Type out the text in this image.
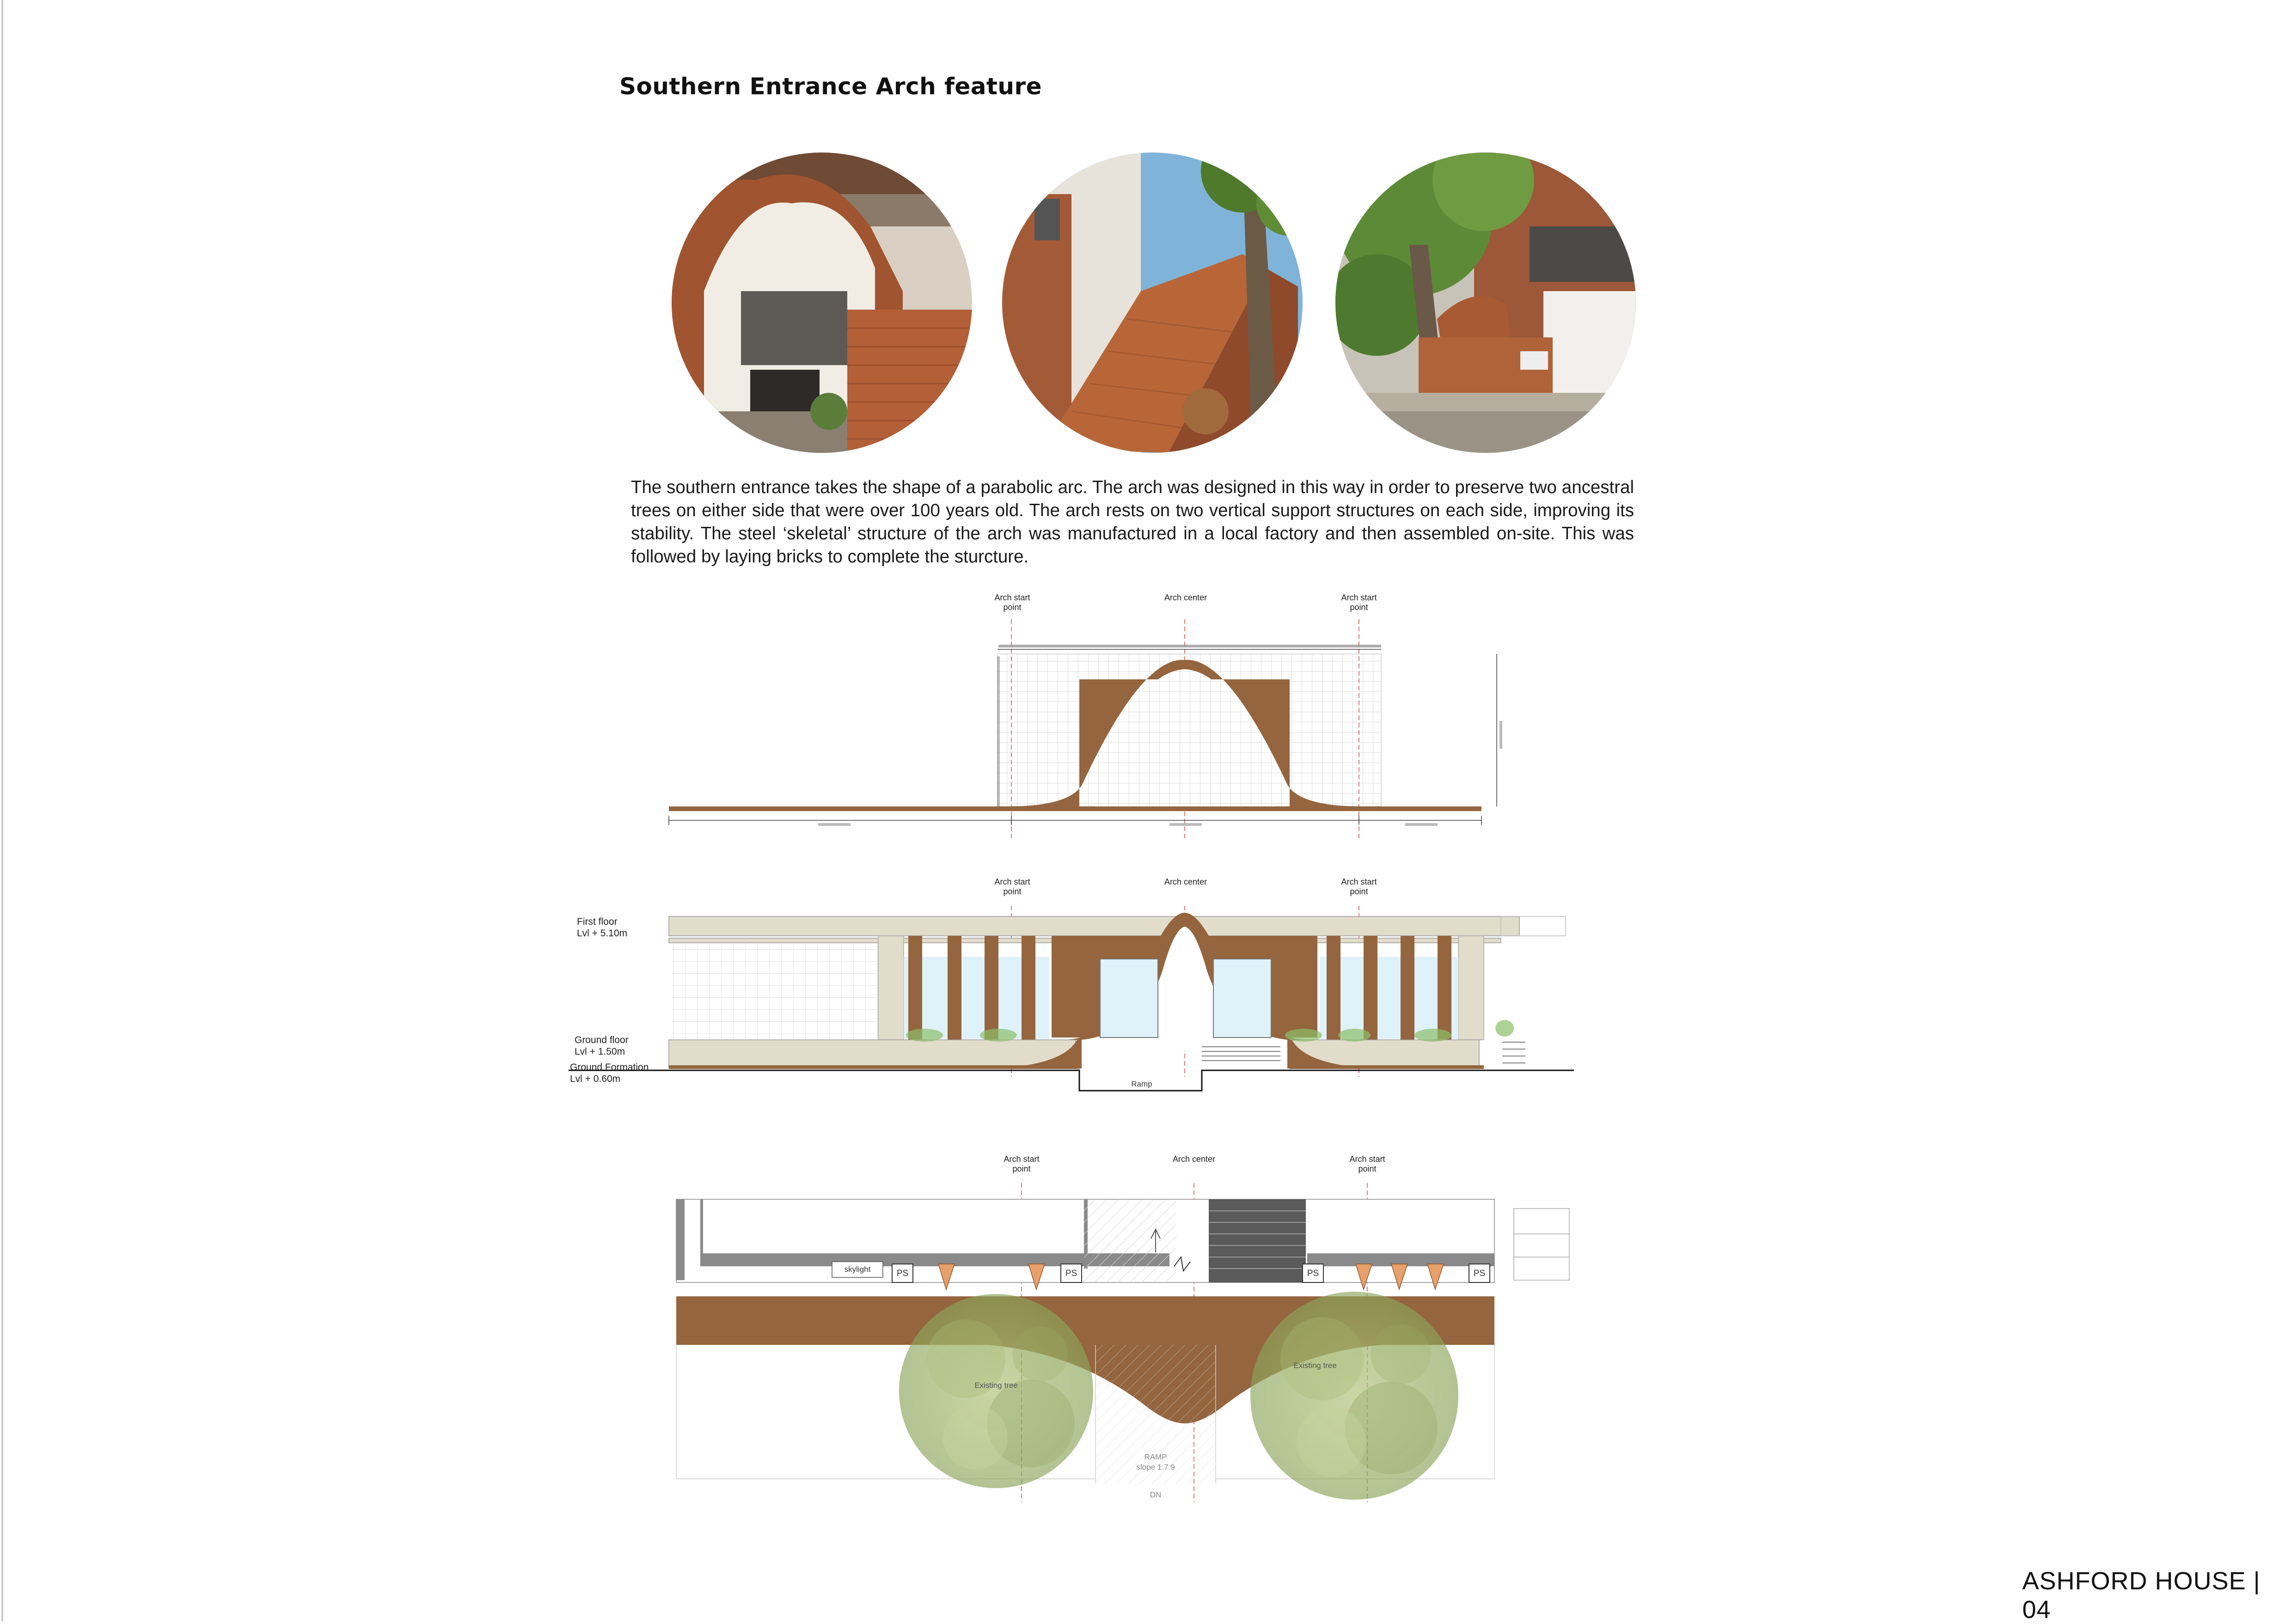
Southern Entrance Arch feature

The southern entrance takes the shape of a parabolic arc. The arch was designed in this way in order to preserve two ancestral trees on either side that were over 100 years old. The arch rests on two vertical support structures on each side, improving its stability. The steel ‘skeletal’ structure of the arch was manufactured in a local factory and then assembled on-site. This was followed by laying bricks to complete the sturcture.

Arch start
point
Arch center	Arch start
point
Arch start
point
Arch center	Arch start
point
First floor
Lvl + 5.10m
Ground floor
Lvl + 1.50m
Ground Formation
Lvl + 0.60m	Ramp
Arch start
point
Arch center	Arch start
point
skylight	PS	PS	PS	PS
Existing tree
Existing tree
RAMP
slope 1:7.9
DN
ASHFORD HOUSE | 04
